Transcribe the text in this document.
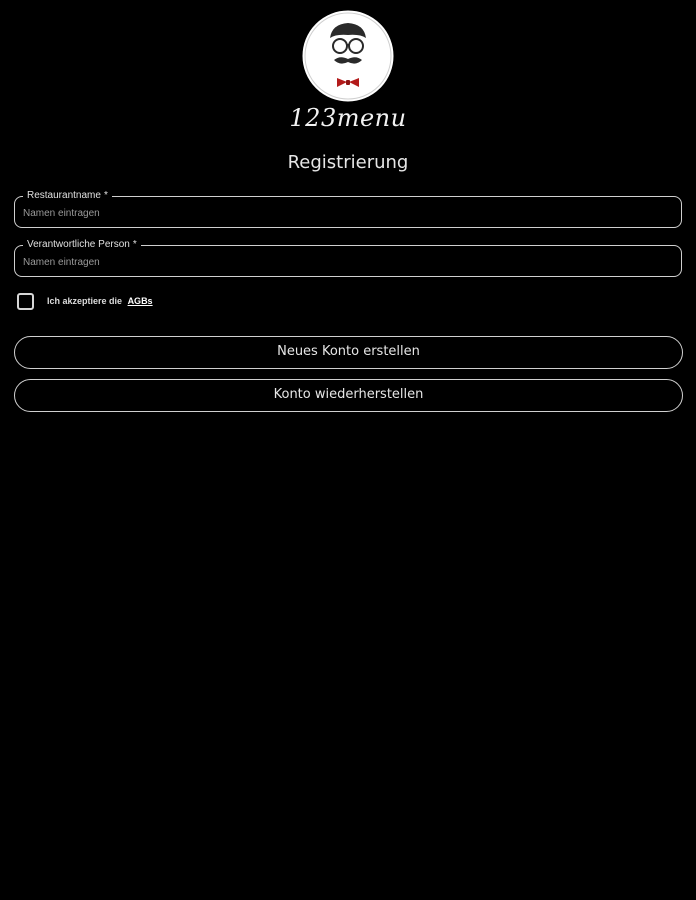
123menu
Registrierung
Restaurantname *
Namen eintragen
Verantwortliche Person *
Namen eintragen
Ich akzeptiere die AGBs
Neues Konto erstellen
Konto wiederherstellen
